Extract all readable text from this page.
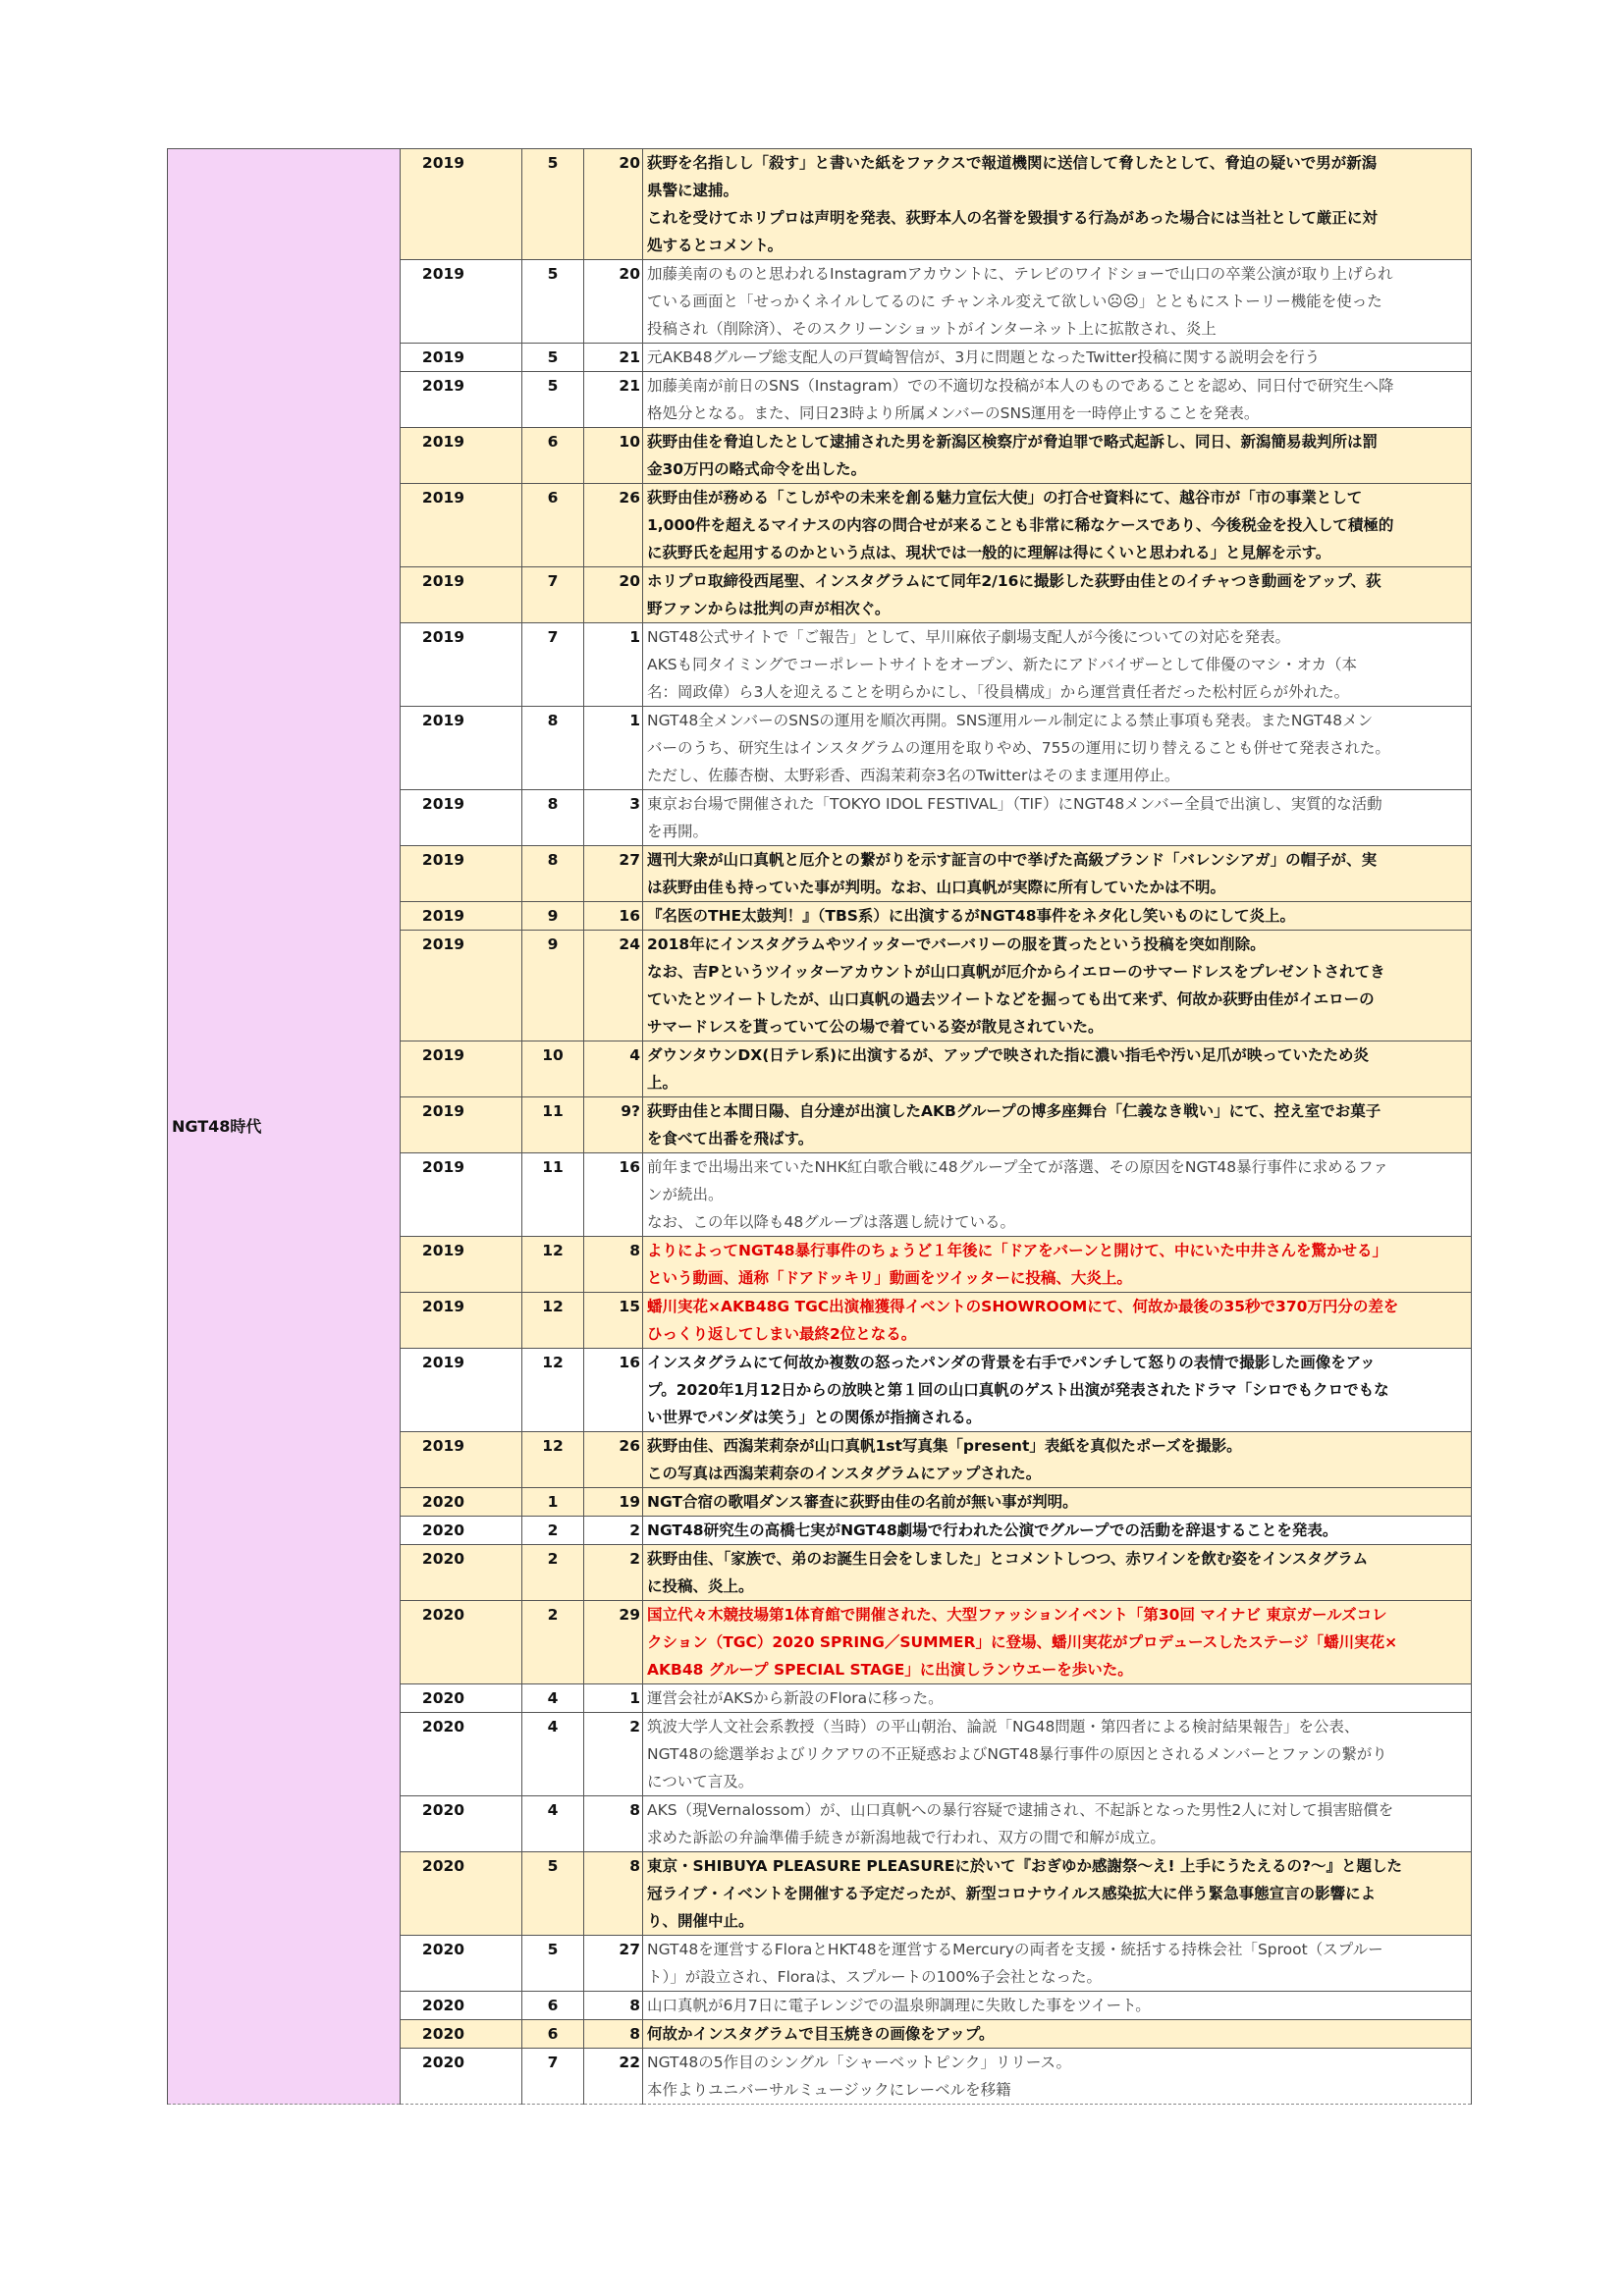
NGT48時代	2019	5	20	荻野を名指しし「殺す」と書いた紙をファクスで報道機関に送信して脅したとして、脅迫の疑いで男が新潟
県警に逮捕。
これを受けてホリプロは声明を発表、荻野本人の名誉を毀損する行為があった場合には当社として厳正に対
処するとコメント。

	2019	5	20	加藤美南のものと思われるInstagramアカウントに、テレビのワイドショーで山口の卒業公演が取り上げられ
ている画面と「せっかくネイルしてるのに チャンネル変えて欲しい☹☹」とともにストーリー機能を使った
投稿され（削除済）、そのスクリーンショットがインターネット上に拡散され、炎上

	2019	5	21	元AKB48グループ総支配人の戸賀崎智信が、3月に問題となったTwitter投稿に関する説明会を行う

	2019	5	21	加藤美南が前日のSNS（Instagram）での不適切な投稿が本人のものであることを認め、同日付で研究生へ降
格処分となる。また、同日23時より所属メンバーのSNS運用を一時停止することを発表。

	2019	6	10	荻野由佳を脅迫したとして逮捕された男を新潟区検察庁が脅迫罪で略式起訴し、同日、新潟簡易裁判所は罰
金30万円の略式命令を出した。

	2019	6	26	荻野由佳が務める「こしがやの未来を創る魅力宣伝大使」の打合せ資料にて、越谷市が「市の事業として
1,000件を超えるマイナスの内容の問合せが来ることも非常に稀なケースであり、今後税金を投入して積極的
に荻野氏を起用するのかという点は、現状では一般的に理解は得にくいと思われる」と見解を示す。

	2019	7	20	ホリプロ取締役西尾聖、インスタグラムにて同年2/16に撮影した荻野由佳とのイチャつき動画をアップ、荻
野ファンからは批判の声が相次ぐ。

	2019	7	1	NGT48公式サイトで「ご報告」として、早川麻依子劇場支配人が今後についての対応を発表。
AKSも同タイミングでコーポレートサイトをオープン、新たにアドバイザーとして俳優のマシ・オカ（本
名：岡政偉）ら3人を迎えることを明らかにし、「役員構成」から運営責任者だった松村匠らが外れた。

	2019	8	1	NGT48全メンバーのSNSの運用を順次再開。SNS運用ルール制定による禁止事項も発表。またNGT48メン
バーのうち、研究生はインスタグラムの運用を取りやめ、755の運用に切り替えることも併せて発表された。
ただし、佐藤杏樹、太野彩香、西潟茉莉奈3名のTwitterはそのまま運用停止。

	2019	8	3	東京お台場で開催された「TOKYO IDOL FESTIVAL」（TIF）にNGT48メンバー全員で出演し、実質的な活動
を再開。

	2019	8	27	週刊大衆が山口真帆と厄介との繋がりを示す証言の中で挙げた高級ブランド「バレンシアガ」の帽子が、実
は荻野由佳も持っていた事が判明。なお、山口真帆が実際に所有していたかは不明。

	2019	9	16	『名医のTHE太鼓判！』（TBS系）に出演するがNGT48事件をネタ化し笑いものにして炎上。

	2019	9	24	2018年にインスタグラムやツイッターでバーバリーの服を貰ったという投稿を突如削除。
なお、吉Pというツイッターアカウントが山口真帆が厄介からイエローのサマードレスをプレゼントされてき
ていたとツイートしたが、山口真帆の過去ツイートなどを掘っても出て来ず、何故か荻野由佳がイエローの
サマードレスを貰っていて公の場で着ている姿が散見されていた。

	2019	10	4	ダウンタウンDX(日テレ系)に出演するが、アップで映された指に濃い指毛や汚い足爪が映っていたため炎
上。

	2019	11	9?	荻野由佳と本間日陽、自分達が出演したAKBグループの博多座舞台「仁義なき戦い」にて、控え室でお菓子
を食べて出番を飛ばす。

	2019	11	16	前年まで出場出来ていたNHK紅白歌合戦に48グループ全てが落選、その原因をNGT48暴行事件に求めるファ
ンが続出。
なお、この年以降も48グループは落選し続けている。

	2019	12	8	よりによってNGT48暴行事件のちょうど１年後に「ドアをバーンと開けて、中にいた中井さんを驚かせる」
という動画、通称「ドアドッキリ」動画をツイッターに投稿、大炎上。

	2019	12	15	蟠川実花×AKB48G TGC出演権獲得イベントのSHOWROOMにて、何故か最後の35秒で370万円分の差を
ひっくり返してしまい最終2位となる。

	2019	12	16	インスタグラムにて何故か複数の怒ったパンダの背景を右手でパンチして怒りの表情で撮影した画像をアッ
プ。2020年1月12日からの放映と第１回の山口真帆のゲスト出演が発表されたドラマ「シロでもクロでもな
い世界でパンダは笑う」との関係が指摘される。

	2019	12	26	荻野由佳、西潟茉莉奈が山口真帆1st写真集「present」表紙を真似たポーズを撮影。
この写真は西潟茉莉奈のインスタグラムにアップされた。

	2020	1	19	NGT合宿の歌唱ダンス審査に荻野由佳の名前が無い事が判明。

	2020	2	2	NGT48研究生の高橋七実がNGT48劇場で行われた公演でグループでの活動を辞退することを発表。

	2020	2	2	荻野由佳、「家族で、弟のお誕生日会をしました」とコメントしつつ、赤ワインを飲む姿をインスタグラム
に投稿、炎上。

	2020	2	29	国立代々木競技場第1体育館で開催された、大型ファッションイベント「第30回 マイナビ 東京ガールズコレ
クション（TGC）2020 SPRING／SUMMER」に登場、蟠川実花がプロデュースしたステージ「蟠川実花×
AKB48 グループ SPECIAL STAGE」に出演しランウエーを歩いた。

	2020	4	1	運営会社がAKSから新設のFloraに移った。

	2020	4	2	筑波大学人文社会系教授（当時）の平山朝治、論説「NG48問題・第四者による検討結果報告」を公表、
NGT48の総選挙およびリクアワの不正疑惑およびNGT48暴行事件の原因とされるメンバーとファンの繋がり
について言及。

	2020	4	8	AKS（現Vernalossom）が、山口真帆への暴行容疑で逮捕され、不起訴となった男性2人に対して損害賠償を
求めた訴訟の弁論準備手続きが新潟地裁で行われ、双方の間で和解が成立。

	2020	5	8	東京・SHIBUYA PLEASURE PLEASUREに於いて『おぎゆか感謝祭〜え! 上手にうたえるの?〜』と題した
冠ライブ・イベントを開催する予定だったが、新型コロナウイルス感染拡大に伴う緊急事態宣言の影響によ
り、開催中止。

	2020	5	27	NGT48を運営するFloraとHKT48を運営するMercuryの両者を支援・統括する持株会社「Sproot（スプルー
ト）」が設立され、Floraは、スプルートの100%子会社となった。

	2020	6	8	山口真帆が6月7日に電子レンジでの温泉卵調理に失敗した事をツイート。

	2020	6	8	何故かインスタグラムで目玉焼きの画像をアップ。

	2020	7	22	NGT48の5作目のシングル「シャーベットピンク」リリース。
本作よりユニバーサルミュージックにレーベルを移籍
